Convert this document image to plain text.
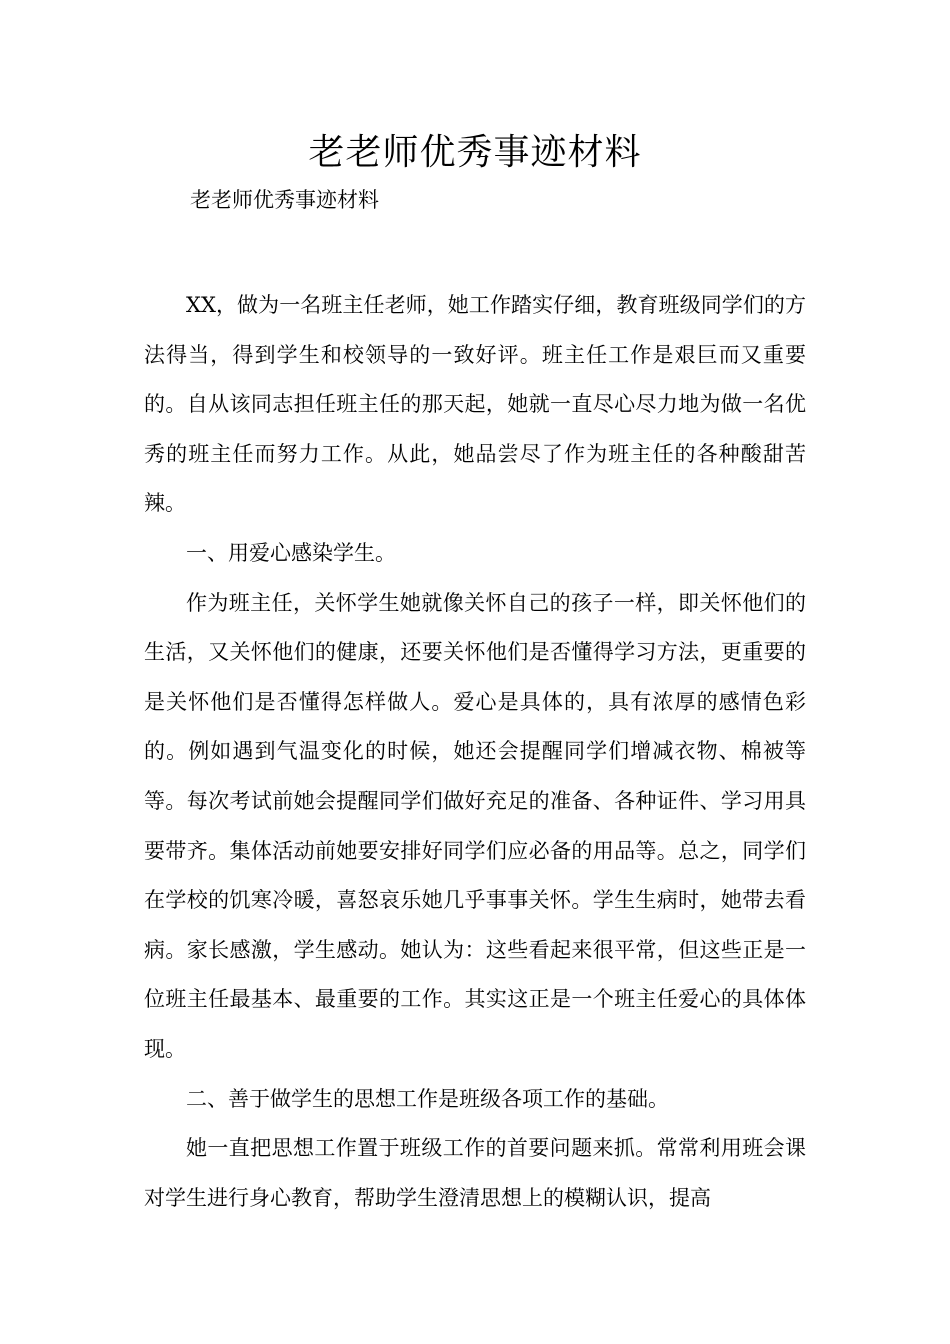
老老师优秀事迹材料
老老师优秀事迹材料

XX，做为一名班主任老师，她工作踏实仔细，教育班级同学们的方法得当，得到学生和校领导的一致好评。班主任工作是艰巨而又重要的。自从该同志担任班主任的那天起，她就一直尽心尽力地为做一名优秀的班主任而努力工作。从此，她品尝尽了作为班主任的各种酸甜苦辣。

一、用爱心感染学生。

作为班主任，关怀学生她就像关怀自己的孩子一样，即关怀他们的生活，又关怀他们的健康，还要关怀他们是否懂得学习方法，更重要的是关怀他们是否懂得怎样做人。爱心是具体的，具有浓厚的感情色彩的。例如遇到气温变化的时候，她还会提醒同学们增减衣物、棉被等等。每次考试前她会提醒同学们做好充足的准备、各种证件、学习用具要带齐。集体活动前她要安排好同学们应必备的用品等。总之，同学们在学校的饥寒冷暖，喜怒哀乐她几乎事事关怀。学生生病时，她带去看病。家长感激，学生感动。她认为：这些看起来很平常，但这些正是一位班主任最基本、最重要的工作。其实这正是一个班主任爱心的具体体现。

二、善于做学生的思想工作是班级各项工作的基础。

她一直把思想工作置于班级工作的首要问题来抓。常常利用班会课对学生进行身心教育，帮助学生澄清思想上的模糊认识，提高
